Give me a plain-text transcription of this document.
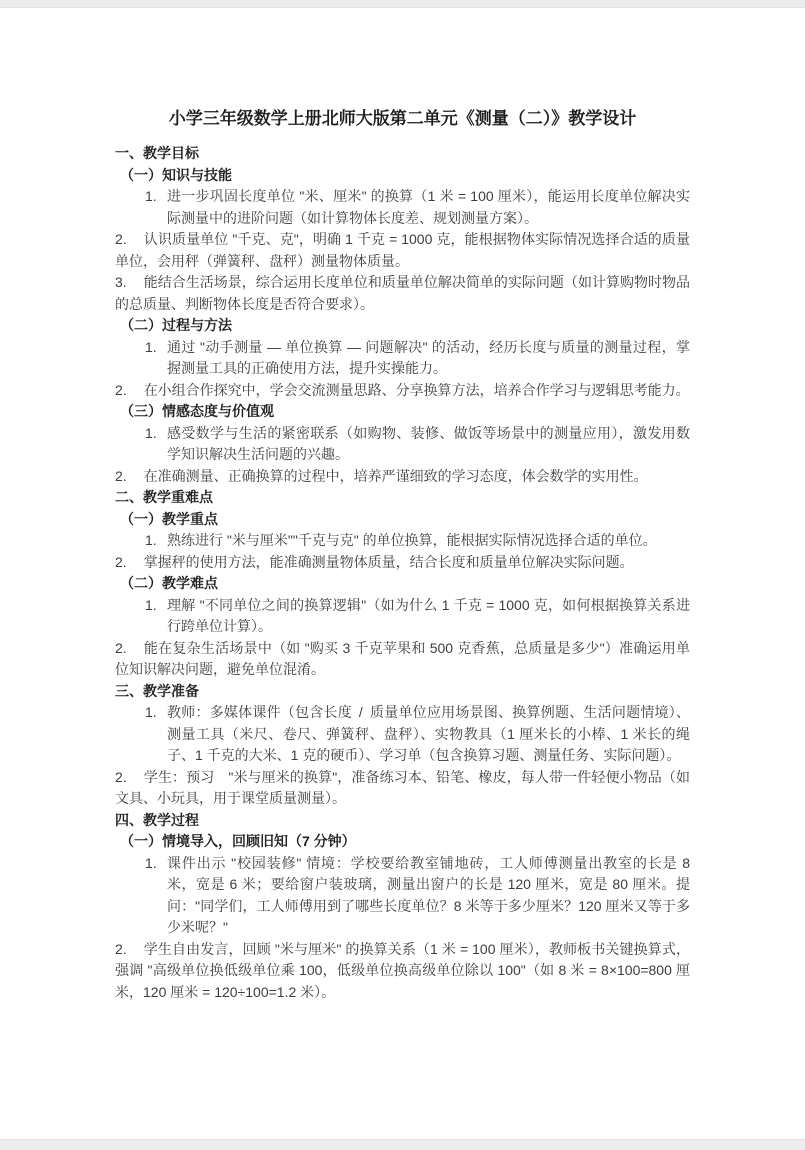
小学三年级数学上册北师大版第二单元《测量（二）》教学设计
一、教学目标
（一）知识与技能
1. 进一步巩固长度单位 "米、厘米" 的换算（1 米 = 100 厘米），能运用长度单位解决实际测量中的进阶问题（如计算物体长度差、规划测量方案）。
2. 认识质量单位 "千克、克"，明确 1 千克 = 1000 克，能根据物体实际情况选择合适的质量单位，会用秤（弹簧秤、盘秤）测量物体质量。
3. 能结合生活场景，综合运用长度单位和质量单位解决简单的实际问题（如计算购物时物品的总质量、判断物体长度是否符合要求）。
（二）过程与方法
1. 通过 "动手测量 — 单位换算 — 问题解决" 的活动，经历长度与质量的测量过程，掌握测量工具的正确使用方法，提升实操能力。
2. 在小组合作探究中，学会交流测量思路、分享换算方法，培养合作学习与逻辑思考能力。
（三）情感态度与价值观
1. 感受数学与生活的紧密联系（如购物、装修、做饭等场景中的测量应用），激发用数学知识解决生活问题的兴趣。
2. 在准确测量、正确换算的过程中，培养严谨细致的学习态度，体会数学的实用性。
二、教学重难点
（一）教学重点
1. 熟练进行 "米与厘米""千克与克" 的单位换算，能根据实际情况选择合适的单位。
2. 掌握秤的使用方法，能准确测量物体质量，结合长度和质量单位解决实际问题。
（二）教学难点
1. 理解 "不同单位之间的换算逻辑"（如为什么 1 千克 = 1000 克，如何根据换算关系进行跨单位计算）。
2. 能在复杂生活场景中（如 "购买 3 千克苹果和 500 克香蕉，总质量是多少"）准确运用单位知识解决问题，避免单位混淆。
三、教学准备
1. 教师：多媒体课件（包含长度 / 质量单位应用场景图、换算例题、生活问题情境）、测量工具（米尺、卷尺、弹簧秤、盘秤）、实物教具（1 厘米长的小棒、1 米长的绳子、1 千克的大米、1 克的硬币）、学习单（包含换算习题、测量任务、实际问题）。
2. 学生：预习  "米与厘米的换算"，准备练习本、铅笔、橡皮，每人带一件轻便小物品（如文具、小玩具，用于课堂质量测量）。
四、教学过程
（一）情境导入，回顾旧知（7 分钟）
1. 课件出示 "校园装修" 情境：学校要给教室铺地砖，工人师傅测量出教室的长是 8 米，宽是 6 米；要给窗户装玻璃，测量出窗户的长是 120 厘米，宽是 80 厘米。提问："同学们，工人师傅用到了哪些长度单位？8 米等于多少厘米？120 厘米又等于多少米呢？"
2. 学生自由发言，回顾 "米与厘米" 的换算关系（1 米 = 100 厘米），教师板书关键换算式，强调 "高级单位换低级单位乘 100，低级单位换高级单位除以 100"（如 8 米 = 8×100=800 厘米，120 厘米 = 120÷100=1.2 米）。
